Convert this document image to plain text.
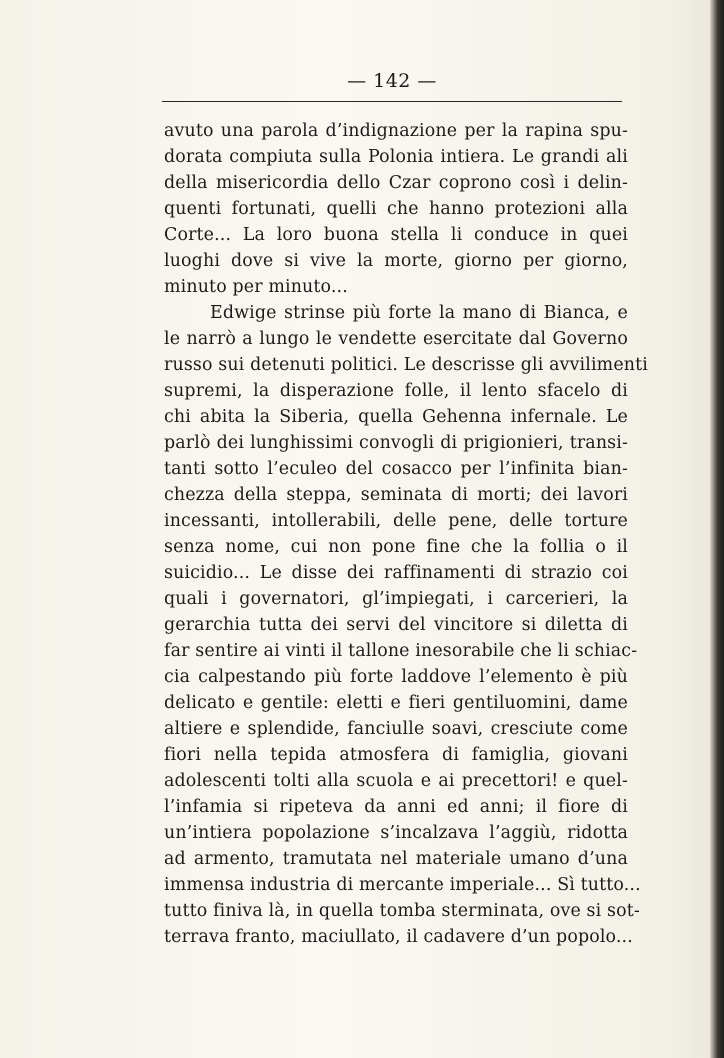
— 142 —
avuto una parola d’indignazione per la rapina spu-
dorata compiuta sulla Polonia intiera. Le grandi ali
della misericordia dello Czar coprono così i delin-
quenti fortunati, quelli che hanno protezioni alla
Corte... La loro buona stella li conduce in quei
luoghi dove si vive la morte, giorno per giorno,
minuto per minuto...
Edwige strinse più forte la mano di Bianca, e
le narrò a lungo le vendette esercitate dal Governo
russo sui detenuti politici. Le descrisse gli avvilimenti
supremi, la disperazione folle, il lento sfacelo di
chi abita la Siberia, quella Gehenna infernale. Le
parlò dei lunghissimi convogli di prigionieri, transi-
tanti sotto l’eculeo del cosacco per l’infinita bian-
chezza della steppa, seminata di morti; dei lavori
incessanti, intollerabili, delle pene, delle torture
senza nome, cui non pone fine che la follia o il
suicidio... Le disse dei raffinamenti di strazio coi
quali i governatori, gl’impiegati, i carcerieri, la
gerarchia tutta dei servi del vincitore si diletta di
far sentire ai vinti il tallone inesorabile che li schiac-
cia calpestando più forte laddove l’elemento è più
delicato e gentile: eletti e fieri gentiluomini, dame
altiere e splendide, fanciulle soavi, cresciute come
fiori nella tepida atmosfera di famiglia, giovani
adolescenti tolti alla scuola e ai precettori! e quel-
l’infamia si ripeteva da anni ed anni; il fiore di
un’intiera popolazione s’incalzava l’aggiù, ridotta
ad armento, tramutata nel materiale umano d’una
immensa industria di mercante imperiale... Sì tutto...
tutto finiva là, in quella tomba sterminata, ove si sot-
terrava franto, maciullato, il cadavere d’un popolo...
